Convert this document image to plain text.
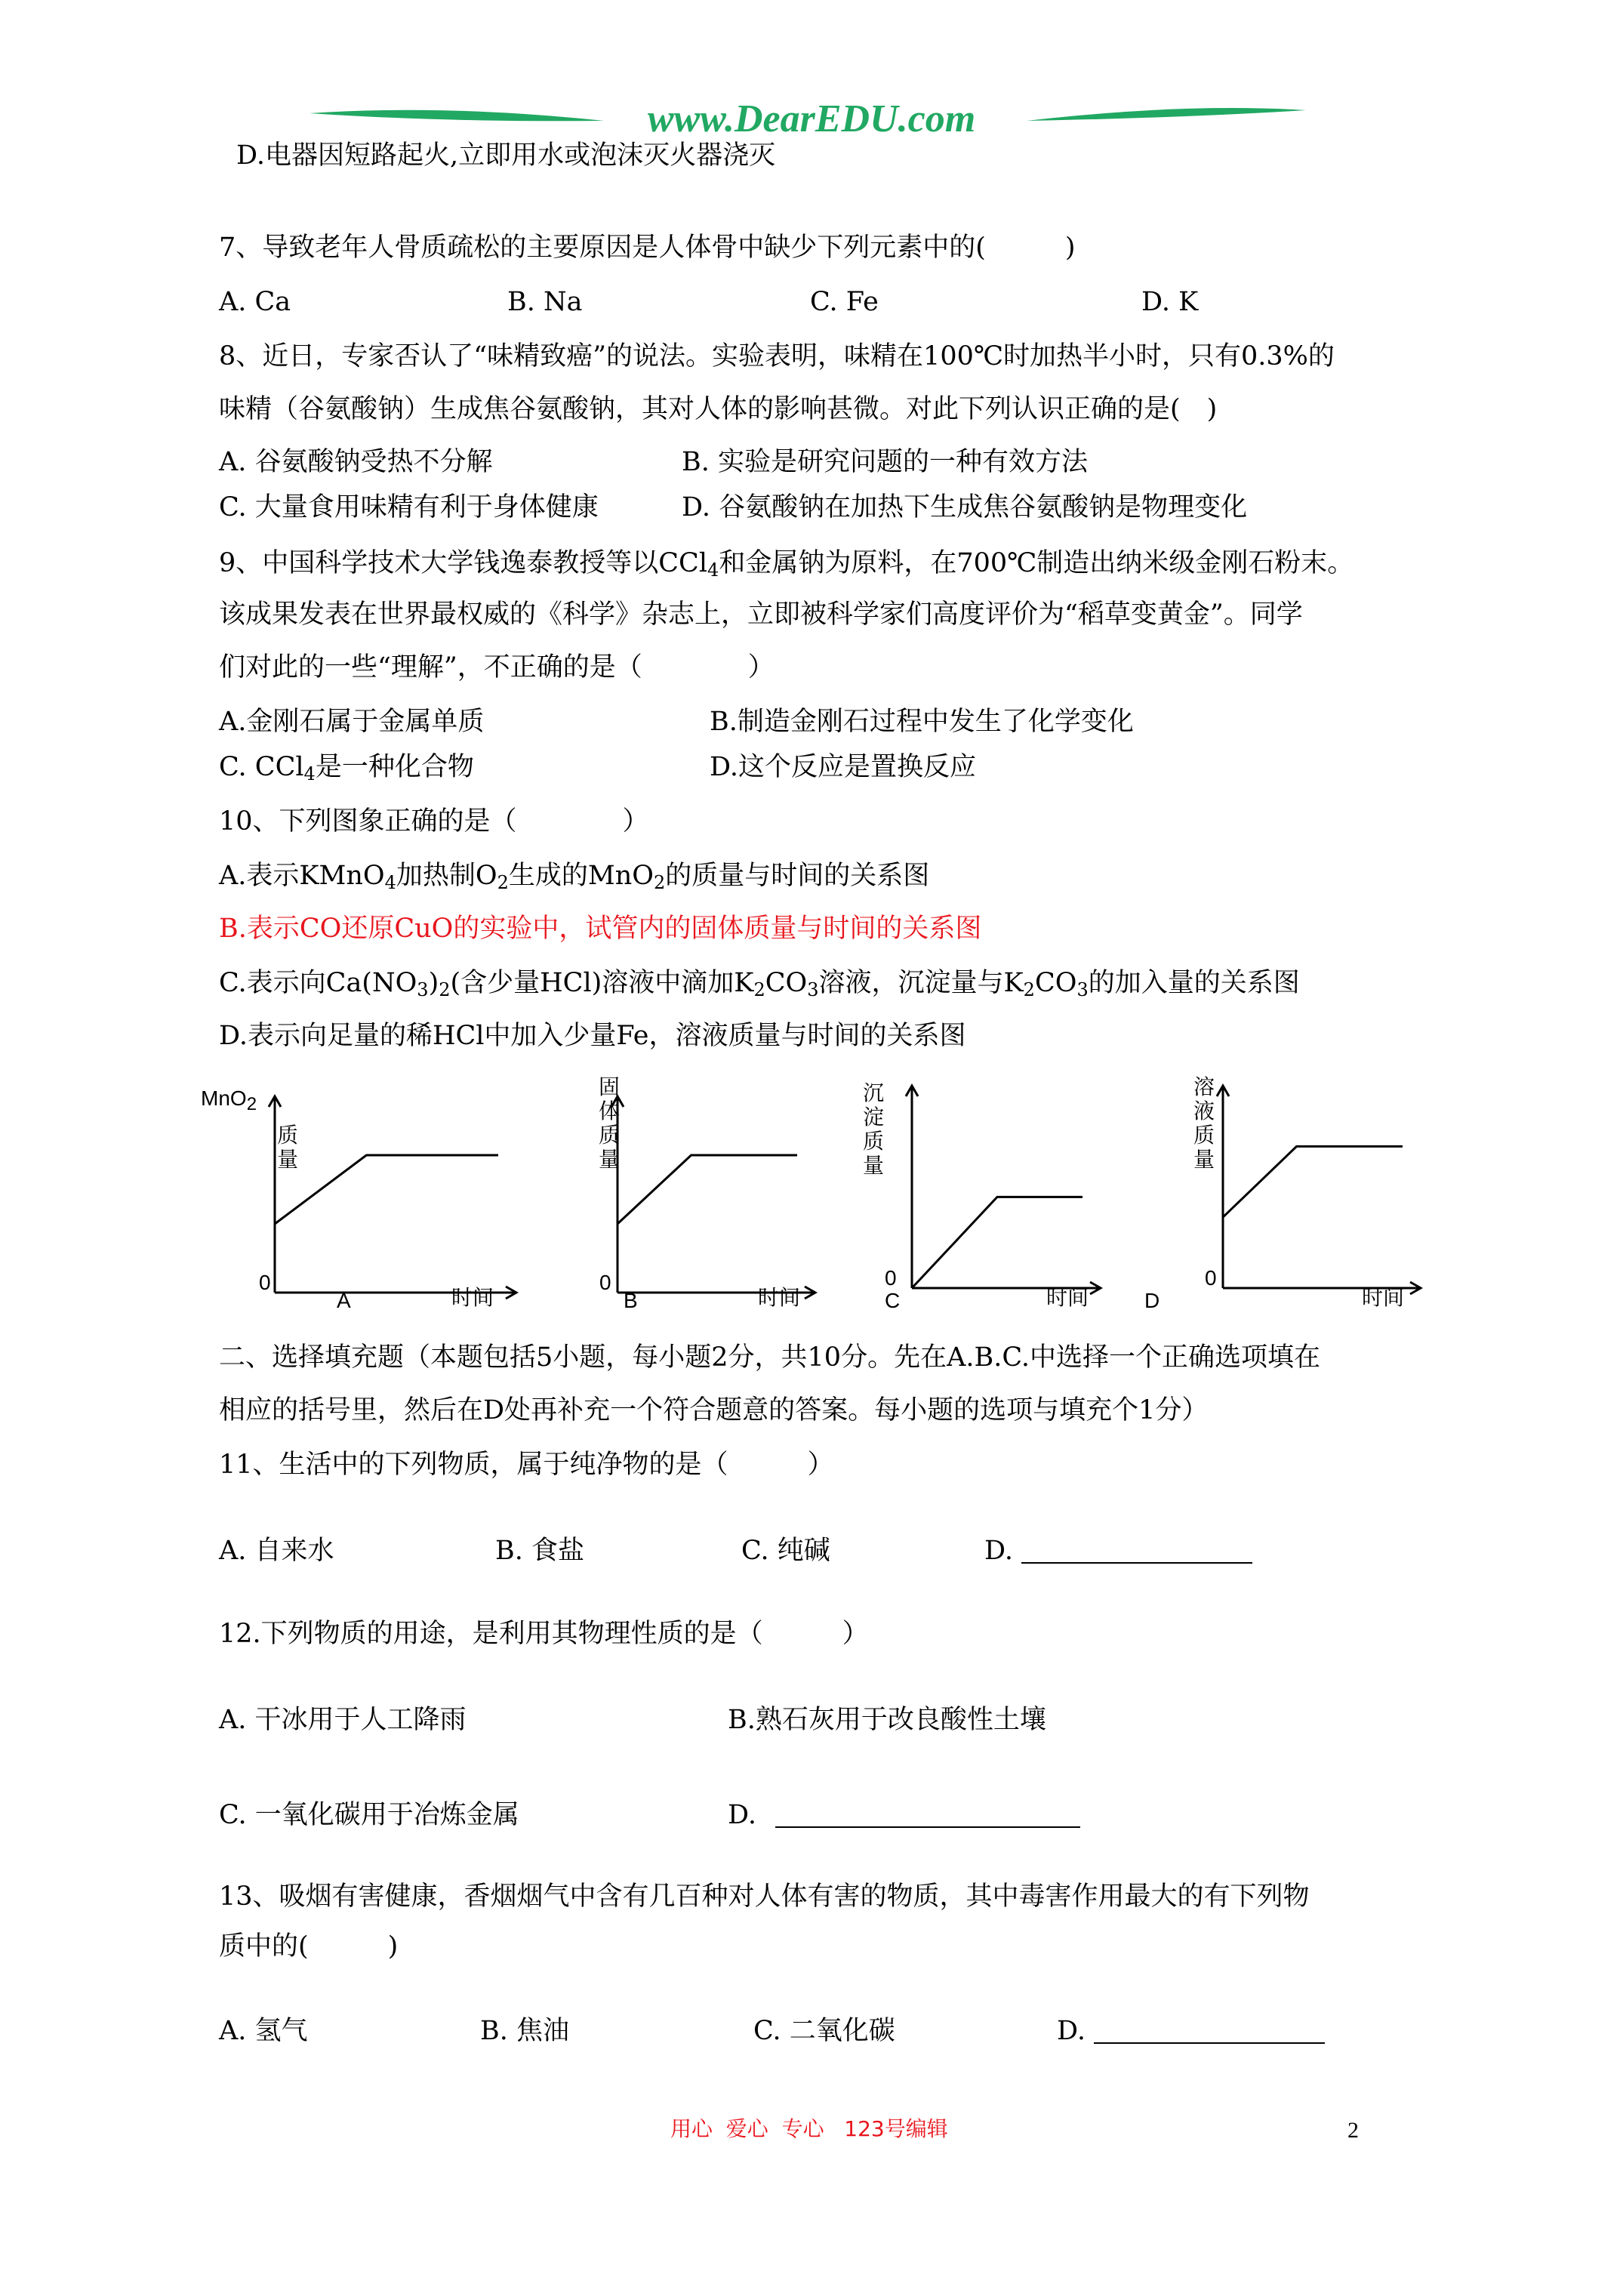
www.DearEDU.com
D.电器因短路起火,立即用水或泡沫灭火器浇灭
7、导致老年人骨质疏松的主要原因是人体骨中缺少下列元素中的(　　　)
A. Ca	B. Na	C. Fe	D. K
8、近日，专家否认了“味精致癌”的说法。实验表明，味精在100℃时加热半小时，只有0.3%的
味精（谷氨酸钠）生成焦谷氨酸钠，其对人体的影响甚微。对此下列认识正确的是(　)
A. 谷氨酸钠受热不分解	B. 实验是研究问题的一种有效方法
C. 大量食用味精有利于身体健康	D. 谷氨酸钠在加热下生成焦谷氨酸钠是物理变化
9、中国科学技术大学钱逸泰教授等以CCl$_4$和金属钠为原料，在700℃制造出纳米级金刚石粉末。
该成果发表在世界最权威的《科学》杂志上，立即被科学家们高度评价为“稻草变黄金”。同学
们对此的一些“理解”，不正确的是（　　　　）
A.金刚石属于金属单质	B.制造金刚石过程中发生了化学变化
C. CCl$_4$是一种化合物	D.这个反应是置换反应
10、下列图象正确的是（　　　　）
A.表示KMnO$_4$加热制$O_2$生成的MnO$_2$的质量与时间的关系图
B.表示CO还原CuO的实验中，试管内的固体质量与时间的关系图
C.表示向$Ca(NO_3)_2$(含少量HCl)溶液中滴加$K_2CO_3$溶液，沉淀量与$K_2CO_3$的加入量的关系图
D.表示向足量的稀HCl中加入少量Fe，溶液质量与时间的关系图
MnO$_2$
质量
0
A	时间
固体质量
0
B	时间
沉淀质量
0
C	时间
溶液质量
0
D	时间
二、选择填充题（本题包括5小题，每小题2分，共10分。先在A.B.C.中选择一个正确选项填在
相应的括号里，然后在D处再补充一个符合题意的答案。每小题的选项与填充个1分）
11、生活中的下列物质，属于纯净物的是（　　　）
A. 自来水	B. 食盐	C. 纯碱	D.
12.下列物质的用途，是利用其物理性质的是（　　　）
A. 干冰用于人工降雨	B.熟石灰用于改良酸性土壤
C. 一氧化碳用于冶炼金属	D.
13、吸烟有害健康，香烟烟气中含有几百种对人体有害的物质，其中毒害作用最大的有下列物
质中的(　　　)
A. 氢气	B. 焦油	C. 二氧化碳	D.
用心  爱心  专心   123号编辑	2
